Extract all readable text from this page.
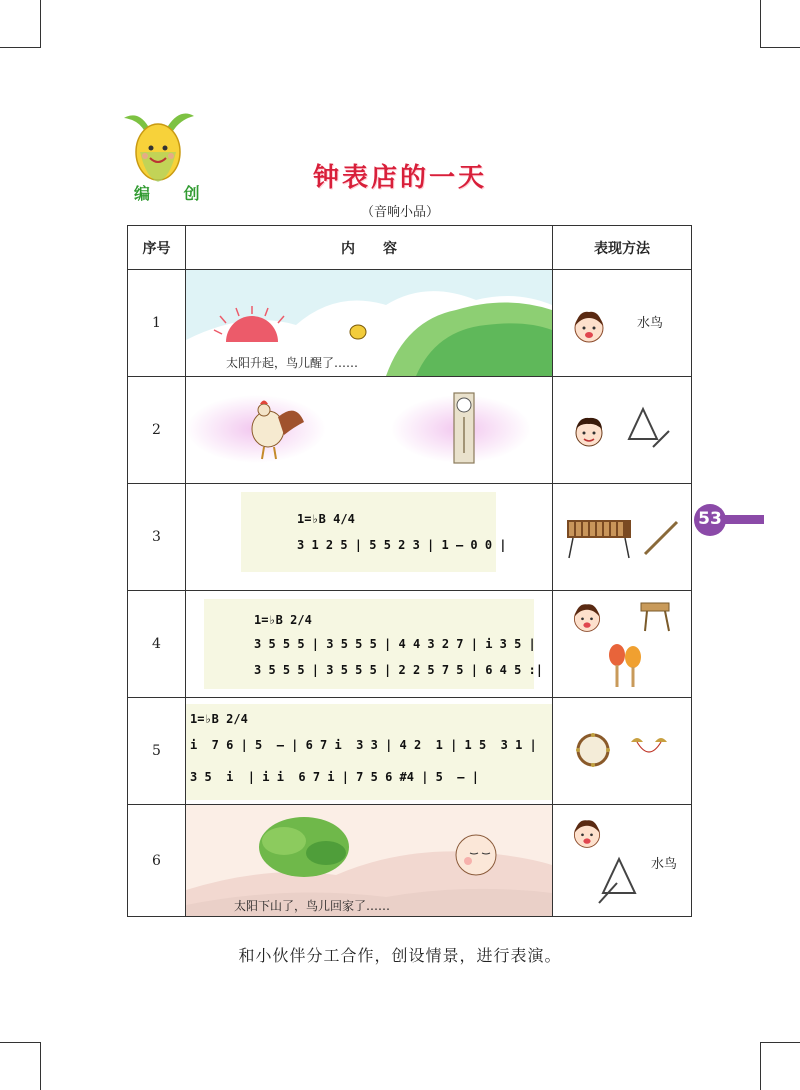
编 创
钟表店的一天
（音响小品）
序号	内　　容	表现方法
1	太阳升起，鸟儿醒了……	水鸟

2	

3	1=♭B 4/4
3 1 2 5 | 5 5 2 3 | 1 – 0 0 |

4	1=♭B 2/4
3 5 5 5 | 3 5 5 5 | 4 4 3 2 7 | i 3 5 |
3 5 5 5 | 3 5 5 5 | 2 2 5 7 5 | 6 4 5 :|

5	1=♭B 2/4
i  7 6 | 5  – | 6 7 i  3 3 | 4 2  1 | 1 5  3 1 |
3 5  i  | i i  6 7 i | 7 5 6 #4 | 5  – |

6	太阳下山了，鸟儿回家了……	水鸟
53
和小伙伴分工合作，创设情景，进行表演。
